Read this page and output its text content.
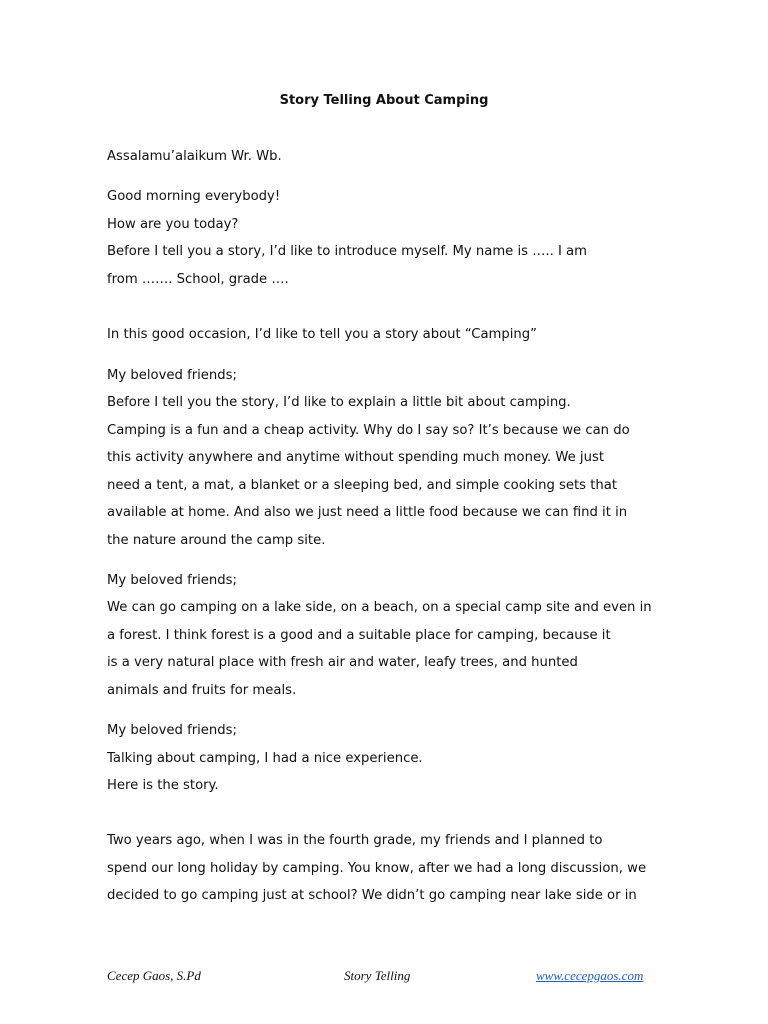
Story Telling About Camping
Assalamu’alaikum Wr. Wb.
Good morning everybody!
How are you today?
Before I tell you a story, I’d like to introduce myself. My name is ….. I am
from ……. School, grade ….
In this good occasion, I’d like to tell you a story about “Camping”
My beloved friends;
Before I tell you the story, I’d like to explain a little bit about camping.
Camping is a fun and a cheap activity. Why do I say so? It’s because we can do
this activity anywhere and anytime without spending much money. We just
need a tent, a mat, a blanket or a sleeping bed, and simple cooking sets that
available at home. And also we just need a little food because we can find it in
the nature around the camp site.
My beloved friends;
We can go camping on a lake side, on a beach, on a special camp site and even in
a forest. I think forest is a good and a suitable place for camping, because it
is a very natural place with fresh air and water, leafy trees, and hunted
animals and fruits for meals.
My beloved friends;
Talking about camping, I had a nice experience.
Here is the story.
Two years ago, when I was in the fourth grade, my friends and I planned to
spend our long holiday by camping. You know, after we had a long discussion, we
decided to go camping just at school? We didn’t go camping near lake side or in
Cecep Gaos, S.Pd	Story Telling	www.cecepgaos.com
